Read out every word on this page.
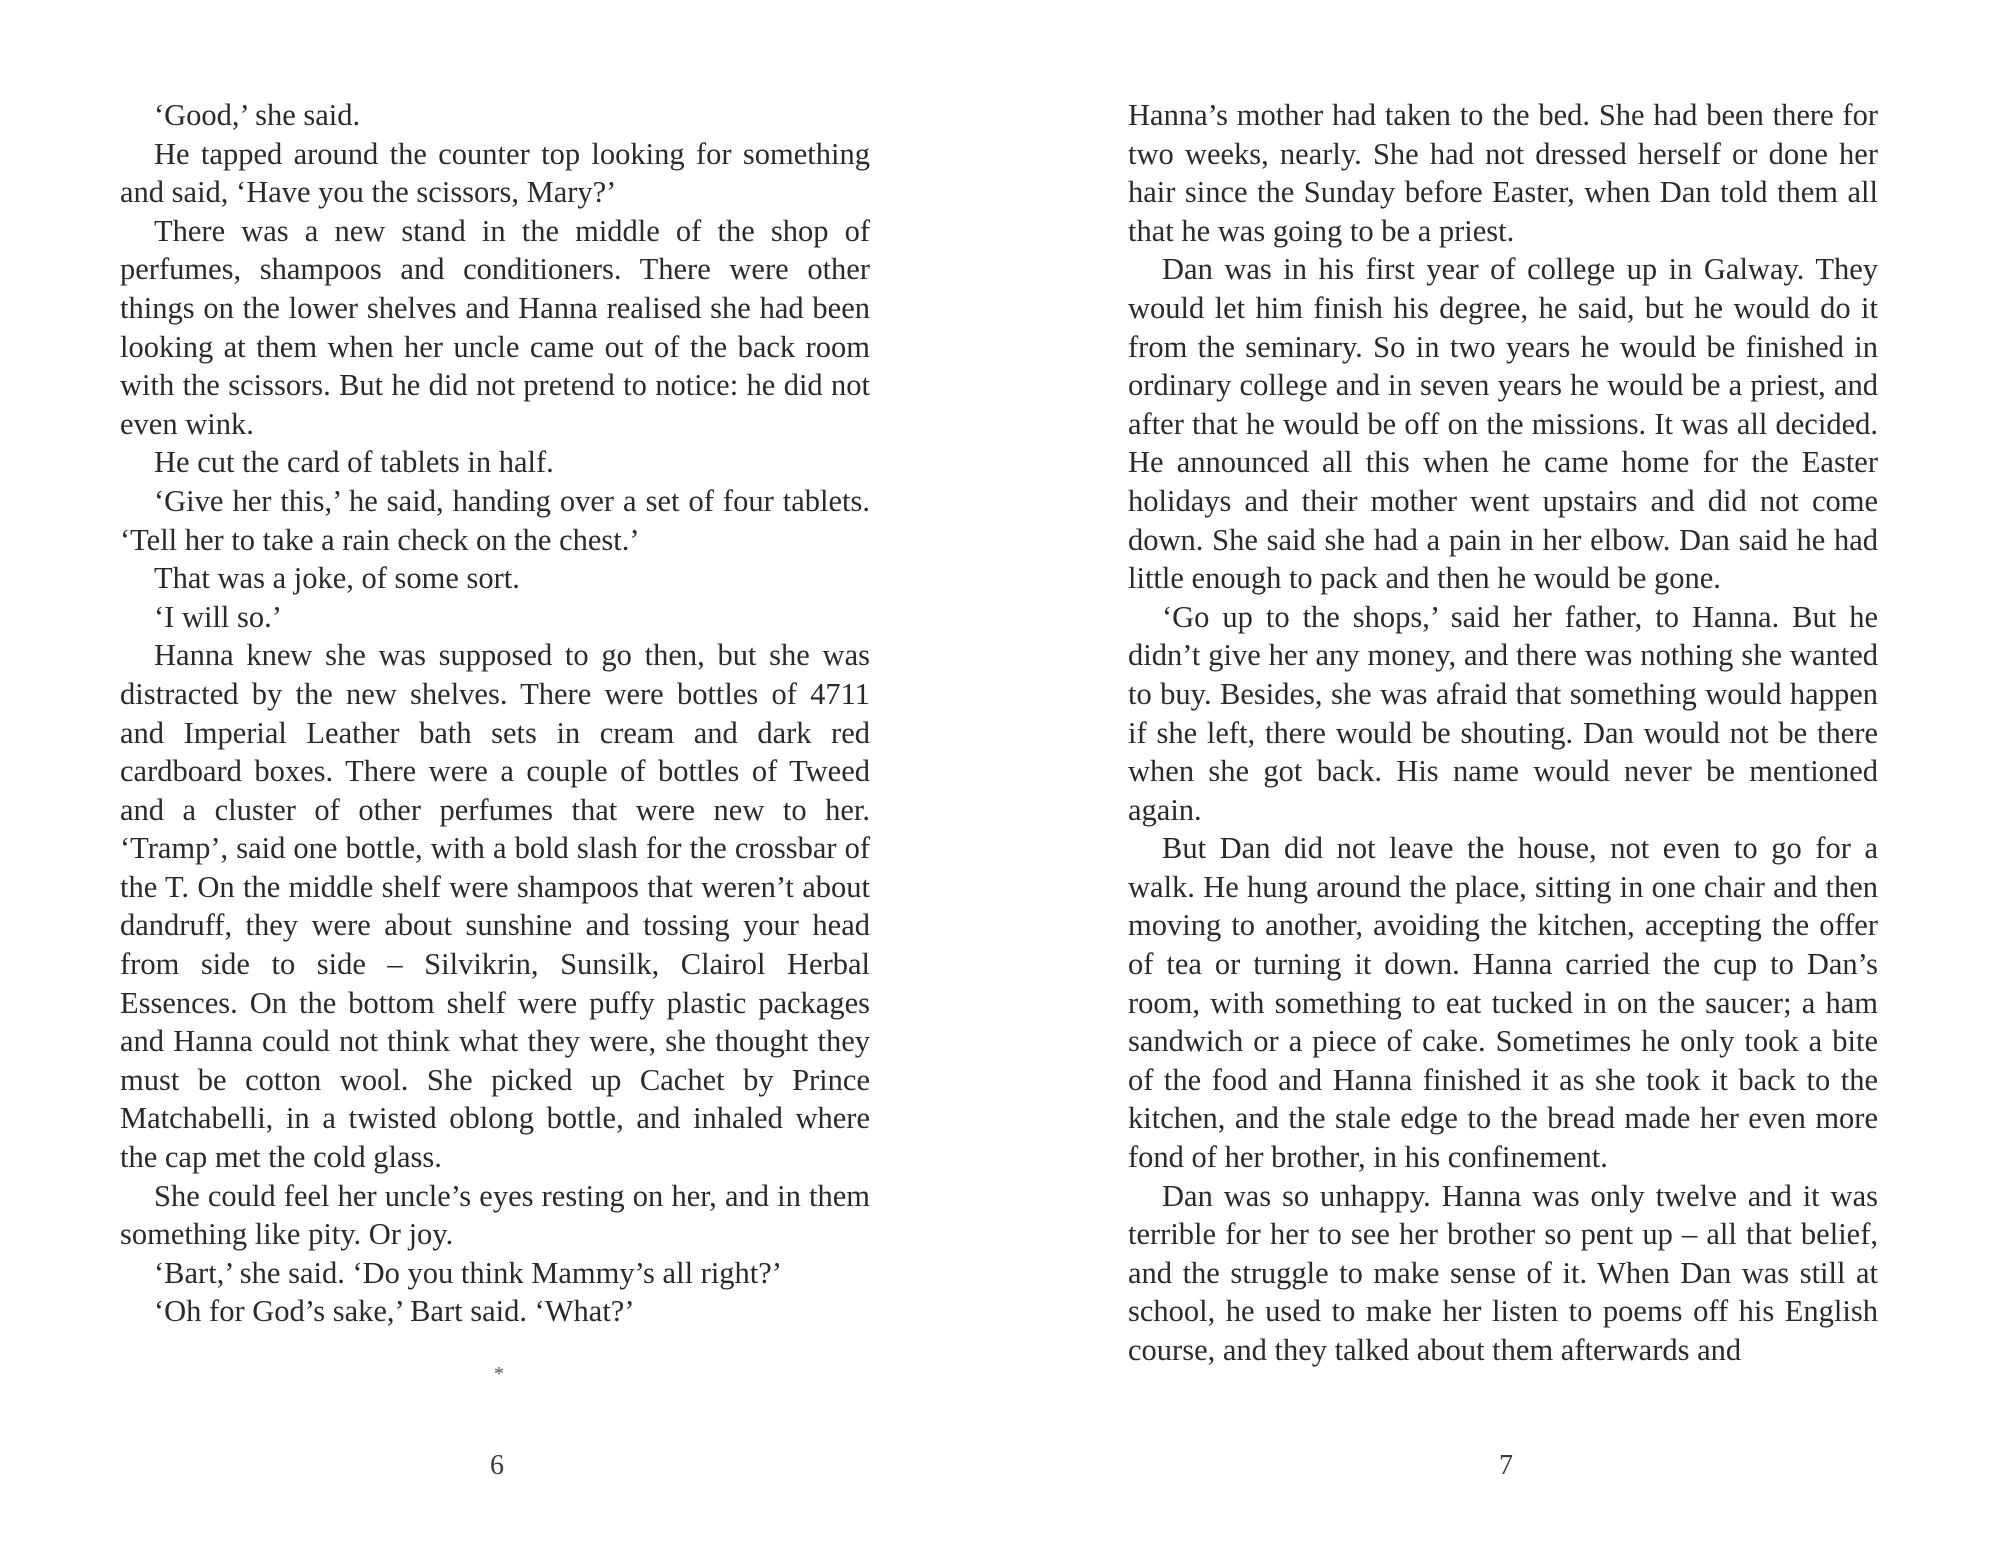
‘Good,’ she said.

He tapped around the counter top looking for something and said, ‘Have you the scissors, Mary?’

There was a new stand in the middle of the shop of perfumes, shampoos and conditioners. There were other things on the lower shelves and Hanna realised she had been looking at them when her uncle came out of the back room with the scissors. But he did not pretend to notice: he did not even wink.

He cut the card of tablets in half.

‘Give her this,’ he said, handing over a set of four tablets. ‘Tell her to take a rain check on the chest.’

That was a joke, of some sort.

‘I will so.’

Hanna knew she was supposed to go then, but she was distracted by the new shelves. There were bottles of 4711 and Imperial Leather bath sets in cream and dark red cardboard boxes. There were a couple of bottles of Tweed and a cluster of other perfumes that were new to her. ‘Tramp’, said one bottle, with a bold slash for the crossbar of the T. On the middle shelf were shampoos that weren’t about dandruff, they were about sunshine and tossing your head from side to side – Silvikrin, Sunsilk, Clairol Herbal Essences. On the bottom shelf were puffy plastic packages and Hanna could not think what they were, she thought they must be cotton wool. She picked up Cachet by Prince Matchabelli, in a twisted oblong bottle, and inhaled where the cap met the cold glass.

She could feel her uncle’s eyes resting on her, and in them something like pity. Or joy.

‘Bart,’ she said. ‘Do you think Mammy’s all right?’

‘Oh for God’s sake,’ Bart said. ‘What?’

*
6

Hanna’s mother had taken to the bed. She had been there for two weeks, nearly. She had not dressed herself or done her hair since the Sunday before Easter, when Dan told them all that he was going to be a priest.

Dan was in his first year of college up in Galway. They would let him finish his degree, he said, but he would do it from the seminary. So in two years he would be finished in ordinary college and in seven years he would be a priest, and after that he would be off on the missions. It was all decided. He announced all this when he came home for the Easter holidays and their mother went upstairs and did not come down. She said she had a pain in her elbow. Dan said he had little enough to pack and then he would be gone.

‘Go up to the shops,’ said her father, to Hanna. But he didn’t give her any money, and there was nothing she wanted to buy. Besides, she was afraid that something would happen if she left, there would be shouting. Dan would not be there when she got back. His name would never be mentioned again.

But Dan did not leave the house, not even to go for a walk. He hung around the place, sitting in one chair and then moving to another, avoiding the kitchen, accepting the offer of tea or turning it down. Hanna carried the cup to Dan’s room, with something to eat tucked in on the saucer; a ham sandwich or a piece of cake. Sometimes he only took a bite of the food and Hanna finished it as she took it back to the kitchen, and the stale edge to the bread made her even more fond of her brother, in his confinement.

Dan was so unhappy. Hanna was only twelve and it was terrible for her to see her brother so pent up – all that belief, and the struggle to make sense of it. When Dan was still at school, he used to make her listen to poems off his English course, and they talked about them afterwards and

7
